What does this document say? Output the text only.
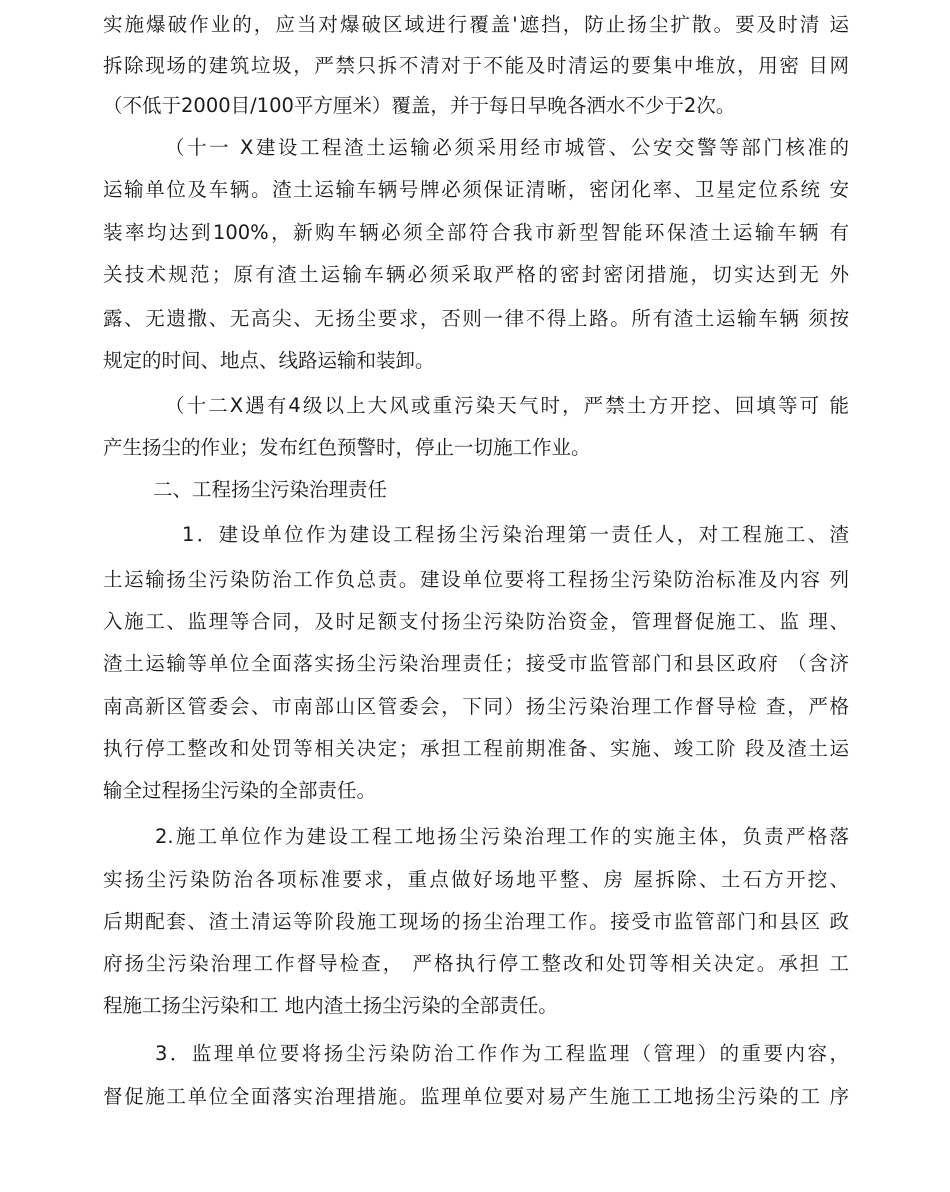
实施爆破作业的，应当对爆破区域进行覆盖'遮挡，防止扬尘扩散。要及时清 运
拆除现场的建筑垃圾，严禁只拆不清对于不能及时清运的要集中堆放，用密 目网
（不低于2000目/100平方厘米）覆盖，并于每日早晚各洒水不少于2次。
（十一 X建设工程渣土运输必须采用经市城管、公安交警等部门核准的
运输单位及车辆。渣土运输车辆号牌必须保证清晰，密闭化率、卫星定位系统 安
装率均达到100%，新购车辆必须全部符合我市新型智能环保渣土运输车辆 有
关技术规范；原有渣土运输车辆必须采取严格的密封密闭措施，切实达到无 外
露、无遗撒、无高尖、无扬尘要求，否则一律不得上路。所有渣土运输车辆 须按
规定的时间、地点、线路运输和装卸。
（十二X遇有4级以上大风或重污染天气时，严禁土方开挖、回填等可 能
产生扬尘的作业；发布红色预警时，停止一切施工作业。
二、工程扬尘污染治理责任
1．建设单位作为建设工程扬尘污染治理第一责任人，对工程施工、渣
土运输扬尘污染防治工作负总责。建设单位要将工程扬尘污染防治标准及内容 列
入施工、监理等合同，及时足额支付扬尘污染防治资金，管理督促施工、监 理、
渣土运输等单位全面落实扬尘污染治理责任；接受市监管部门和县区政府 （含济
南高新区管委会、市南部山区管委会，下同）扬尘污染治理工作督导检 查，严格
执行停工整改和处罚等相关决定；承担工程前期准备、实施、竣工阶 段及渣土运
输全过程扬尘污染的全部责任。
2.施工单位作为建设工程工地扬尘污染治理工作的实施主体，负责严格落
实扬尘污染防治各项标准要求，重点做好场地平整、房 屋拆除、土石方开挖、
后期配套、渣土清运等阶段施工现场的扬尘治理工作。接受市监管部门和县区 政
府扬尘污染治理工作督导检查， 严格执行停工整改和处罚等相关决定。承担 工
程施工扬尘污染和工 地内渣土扬尘污染的全部责任。
3．监理单位要将扬尘污染防治工作作为工程监理（管理）的重要内容，
督促施工单位全面落实治理措施。监理单位要对易产生施工工地扬尘污染的工 序
